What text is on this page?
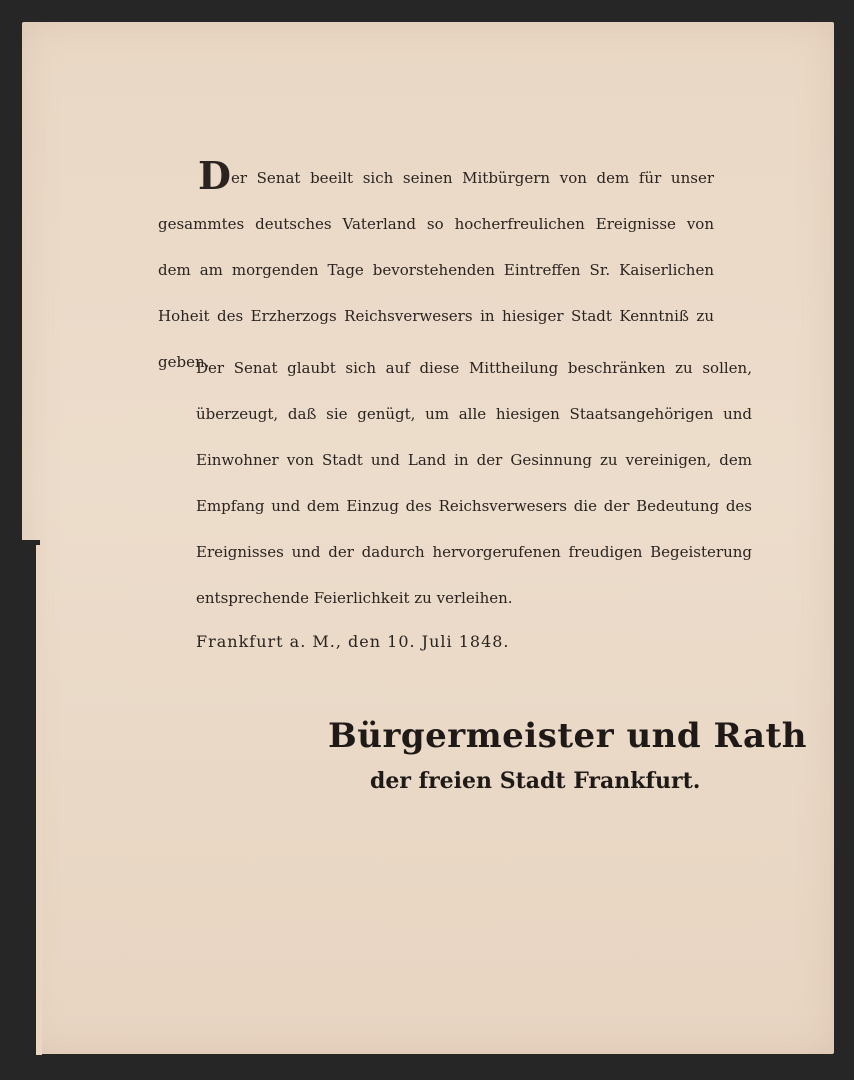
Der Senat beeilt sich seinen Mitbürgern von dem für unser gesammtes deutsches Vaterland so hocherfreulichen Ereignisse von dem am morgenden Tage bevorstehenden Eintreffen Sr. Kaiserlichen Hoheit des Erzherzogs Reichsverwesers in hiesiger Stadt Kenntniß zu geben.

Der Senat glaubt sich auf diese Mittheilung beschränken zu sollen, überzeugt, daß sie genügt, um alle hiesigen Staatsangehörigen und Einwohner von Stadt und Land in der Gesinnung zu vereinigen, dem Empfang und dem Einzug des Reichsverwesers die der Bedeutung des Ereignisses und der dadurch hervorgerufenen freudigen Begeisterung entsprechende Feierlichkeit zu verleihen.

Frankfurt a. M., den 10. Juli 1848.
Bürgermeister und Rath
der freien Stadt Frankfurt.
